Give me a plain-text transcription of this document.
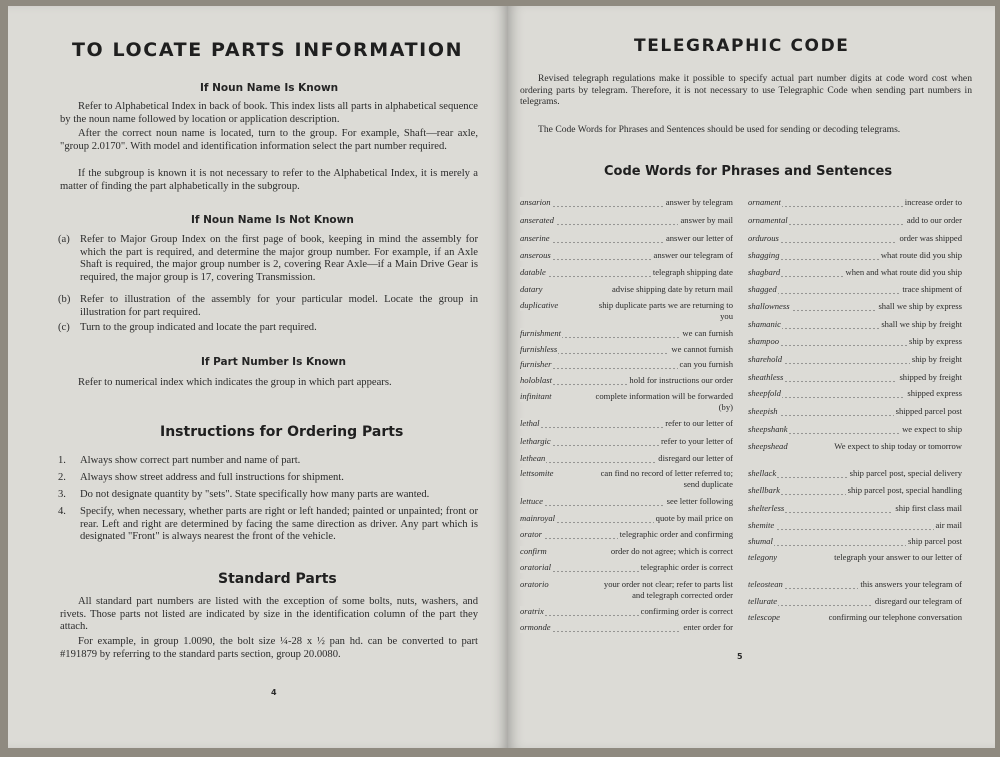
TO LOCATE PARTS INFORMATION
If Noun Name Is Known
Refer to Alphabetical Index in back of book. This index lists all parts in alphabetical sequence by the noun name followed by location or application description.
After the correct noun name is located, turn to the group. For example, Shaft—rear axle, "group 2.0170". With model and identification information select the part number required.
If the subgroup is known it is not necessary to refer to the Alphabetical Index, it is merely a matter of finding the part alphabetically in the subgroup.
If Noun Name Is Not Known
(a) Refer to Major Group Index on the first page of book, keeping in mind the assembly for which the part is required, and determine the major group number. For example, if an Axle Shaft is required, the major group number is 2, covering Rear Axle—if a Main Drive Gear is required, the major group is 17, covering Transmission.
(b) Refer to illustration of the assembly for your particular model. Locate the group in illustration for part required.
(c) Turn to the group indicated and locate the part required.
If Part Number Is Known
Refer to numerical index which indicates the group in which part appears.
Instructions for Ordering Parts
1. Always show correct part number and name of part.
2. Always show street address and full instructions for shipment.
3. Do not designate quantity by "sets". State specifically how many parts are wanted.
4. Specify, when necessary, whether parts are right or left handed; painted or unpainted; front or rear. Left and right are determined by facing the same direction as driver. Any part which is designated "Front" is always nearest the front of the vehicle.
Standard Parts
All standard part numbers are listed with the exception of some bolts, nuts, washers, and rivets. Those parts not listed are indicated by size in the identification column of the part they attach.
For example, in group 1.0090, the bolt size ¼-28 x ½ pan hd. can be converted to part #191879 by referring to the standard parts section, group 20.0080.
4
TELEGRAPHIC CODE
Revised telegraph regulations make it possible to specify actual part number digits at code word cost when ordering parts by telegram. Therefore, it is not necessary to use Telegraphic Code when sending part numbers in telegrams.
The Code Words for Phrases and Sentences should be used for sending or decoding telegrams.
Code Words for Phrases and Sentences
5
ansarion	answer by telegram
anserated	answer by mail
anserine	answer our letter of
anserous	answer our telegram of
datable	telegraph shipping date
datary	advise shipping date by return mail
duplicative	ship duplicate parts we are returning to you
furnishment	we can furnish
furnishless	we cannot furnish
furnisher	can you furnish
holoblast	hold for instructions our order
infinitant	complete information will be forwarded (by)
lethal	refer to our letter of
lethargic	refer to your letter of
lethean	disregard our letter of
lettsomite	can find no record of letter referred to; send duplicate
lettuce	see letter following
mainroyal	quote by mail price on
orator	telegraphic order and confirming
confirm	order do not agree; which is correct
oratorial	telegraphic order is correct
oratorio	your order not clear; refer to parts list and telegraph corrected order
oratrix	confirming order is correct
ormonde	enter order for
ornament	increase order to
ornamental	add to our order
ordurous	order was shipped
shagging	what route did you ship
shagbard	when and what route did you ship
shagged	trace shipment of
shallowness	shall we ship by express
shamanic	shall we ship by freight
shampoo	ship by express
sharehold	ship by freight
sheathless	shipped by freight
sheepfold	shipped express
sheepish	shipped parcel post
sheepshank	we expect to ship
sheepshead	We expect to ship today or tomorrow
shellack	ship parcel post, special delivery
shellbark	ship parcel post, special handling
shelterless	ship first class mail
shemite	air mail
shumal	ship parcel post
telegony	telegraph your answer to our letter of
teleostean	this answers your telegram of
tellurate	disregard our telegram of
telescope	confirming our telephone conversation
